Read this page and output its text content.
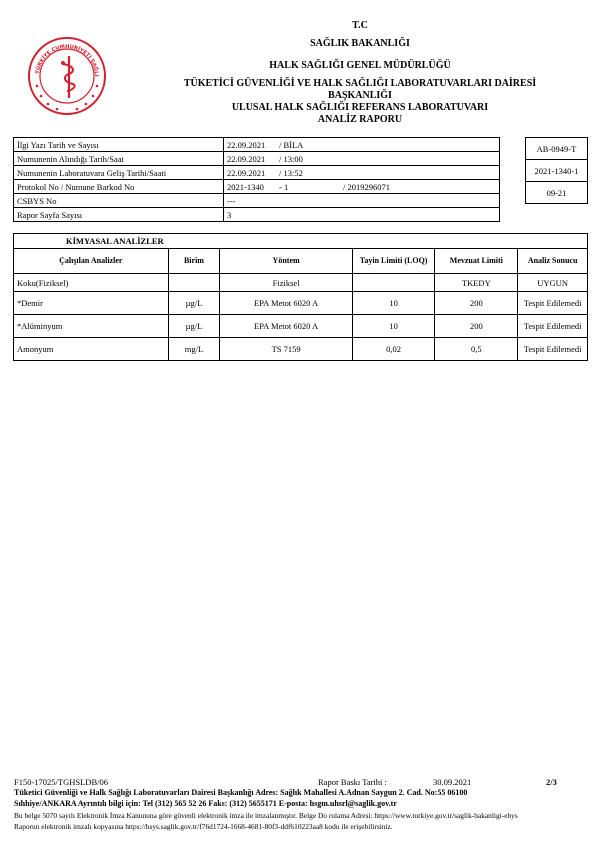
TÜRKİYE CUMHURİYETİ SAĞLI
T.C
SAĞLIK BAKANLIĞI
HALK SAĞLIĞI GENEL MÜDÜRLÜĞÜ
TÜKETİCİ GÜVENLİĞİ VE HALK SAĞLIĞI LABORATUVARLARI DAİRESİ
BAŞKANLIĞI
ULUSAL HALK SAĞLIĞI REFERANS LABORATUVARI
ANALİZ RAPORU
İlgi Yazı Tarih ve Sayısı	22.09.2021 / BİLA
Numunenin Alındığı Tarih/Saat	22.09.2021 / 13:00
Numunenin Laboratuvara Geliş Tarihi/Saati	22.09.2021 / 13:52
Protokol No / Numune Barkod No	2021-1340 - 1 / 2019296071
CSBYS No	---
Rapor Sayfa Sayısı	3
AB-0949-T
2021-1340-1
09-21
KİMYASAL ANALİZLER					
Çalışılan Analizler	Birim	Yöntem	Tayin Limiti (LOQ)	Mevzuat Limiti	Analiz Sonucu
Koku(Fiziksel)		Fiziksel		TKEDY	UYGUN
*Demir	µg/L	EPA Metot 6020 A	10	200	Tespit Edilemedi
*Alüminyum	µg/L	EPA Metot 6020 A	10	200	Tespit Edilemedi
Amonyum	mg/L	TS 7159	0,02	0,5	Tespit Edilemedi
F150-17025/TGHSLDB/06	Rapor Baskı Tarihi :	30.09.2021	2/3
Tüketici Güvenliği ve Halk Sağlığı Laboratuvarları Dairesi Başkanlığı Adres: Sağlık Mahallesi A.Adnan Saygun 2. Cad. No:55 06100
Sıhhiye/ANKARA Ayrıntılı bilgi için: Tel (312) 565 52 26 Faks: (312) 5655171 E-posta: hsgm.uhsrl@saglik.gov.tr
Bu belge 5070 sayılı Elektronik İmza Kanununa göre güvenli elektronik imza ile imzalanmıştır. Belge Do rulama Adresi: https://www.turkiye.gov.tr/saglik-bakanligi-ebys
Raporun elektronik imzalı kopyasına https://hsys.saglik.gov.tr/f76d1724-1668-4681-80f3-ddf610223aa8 kodu ile erişebilirsiniz.
